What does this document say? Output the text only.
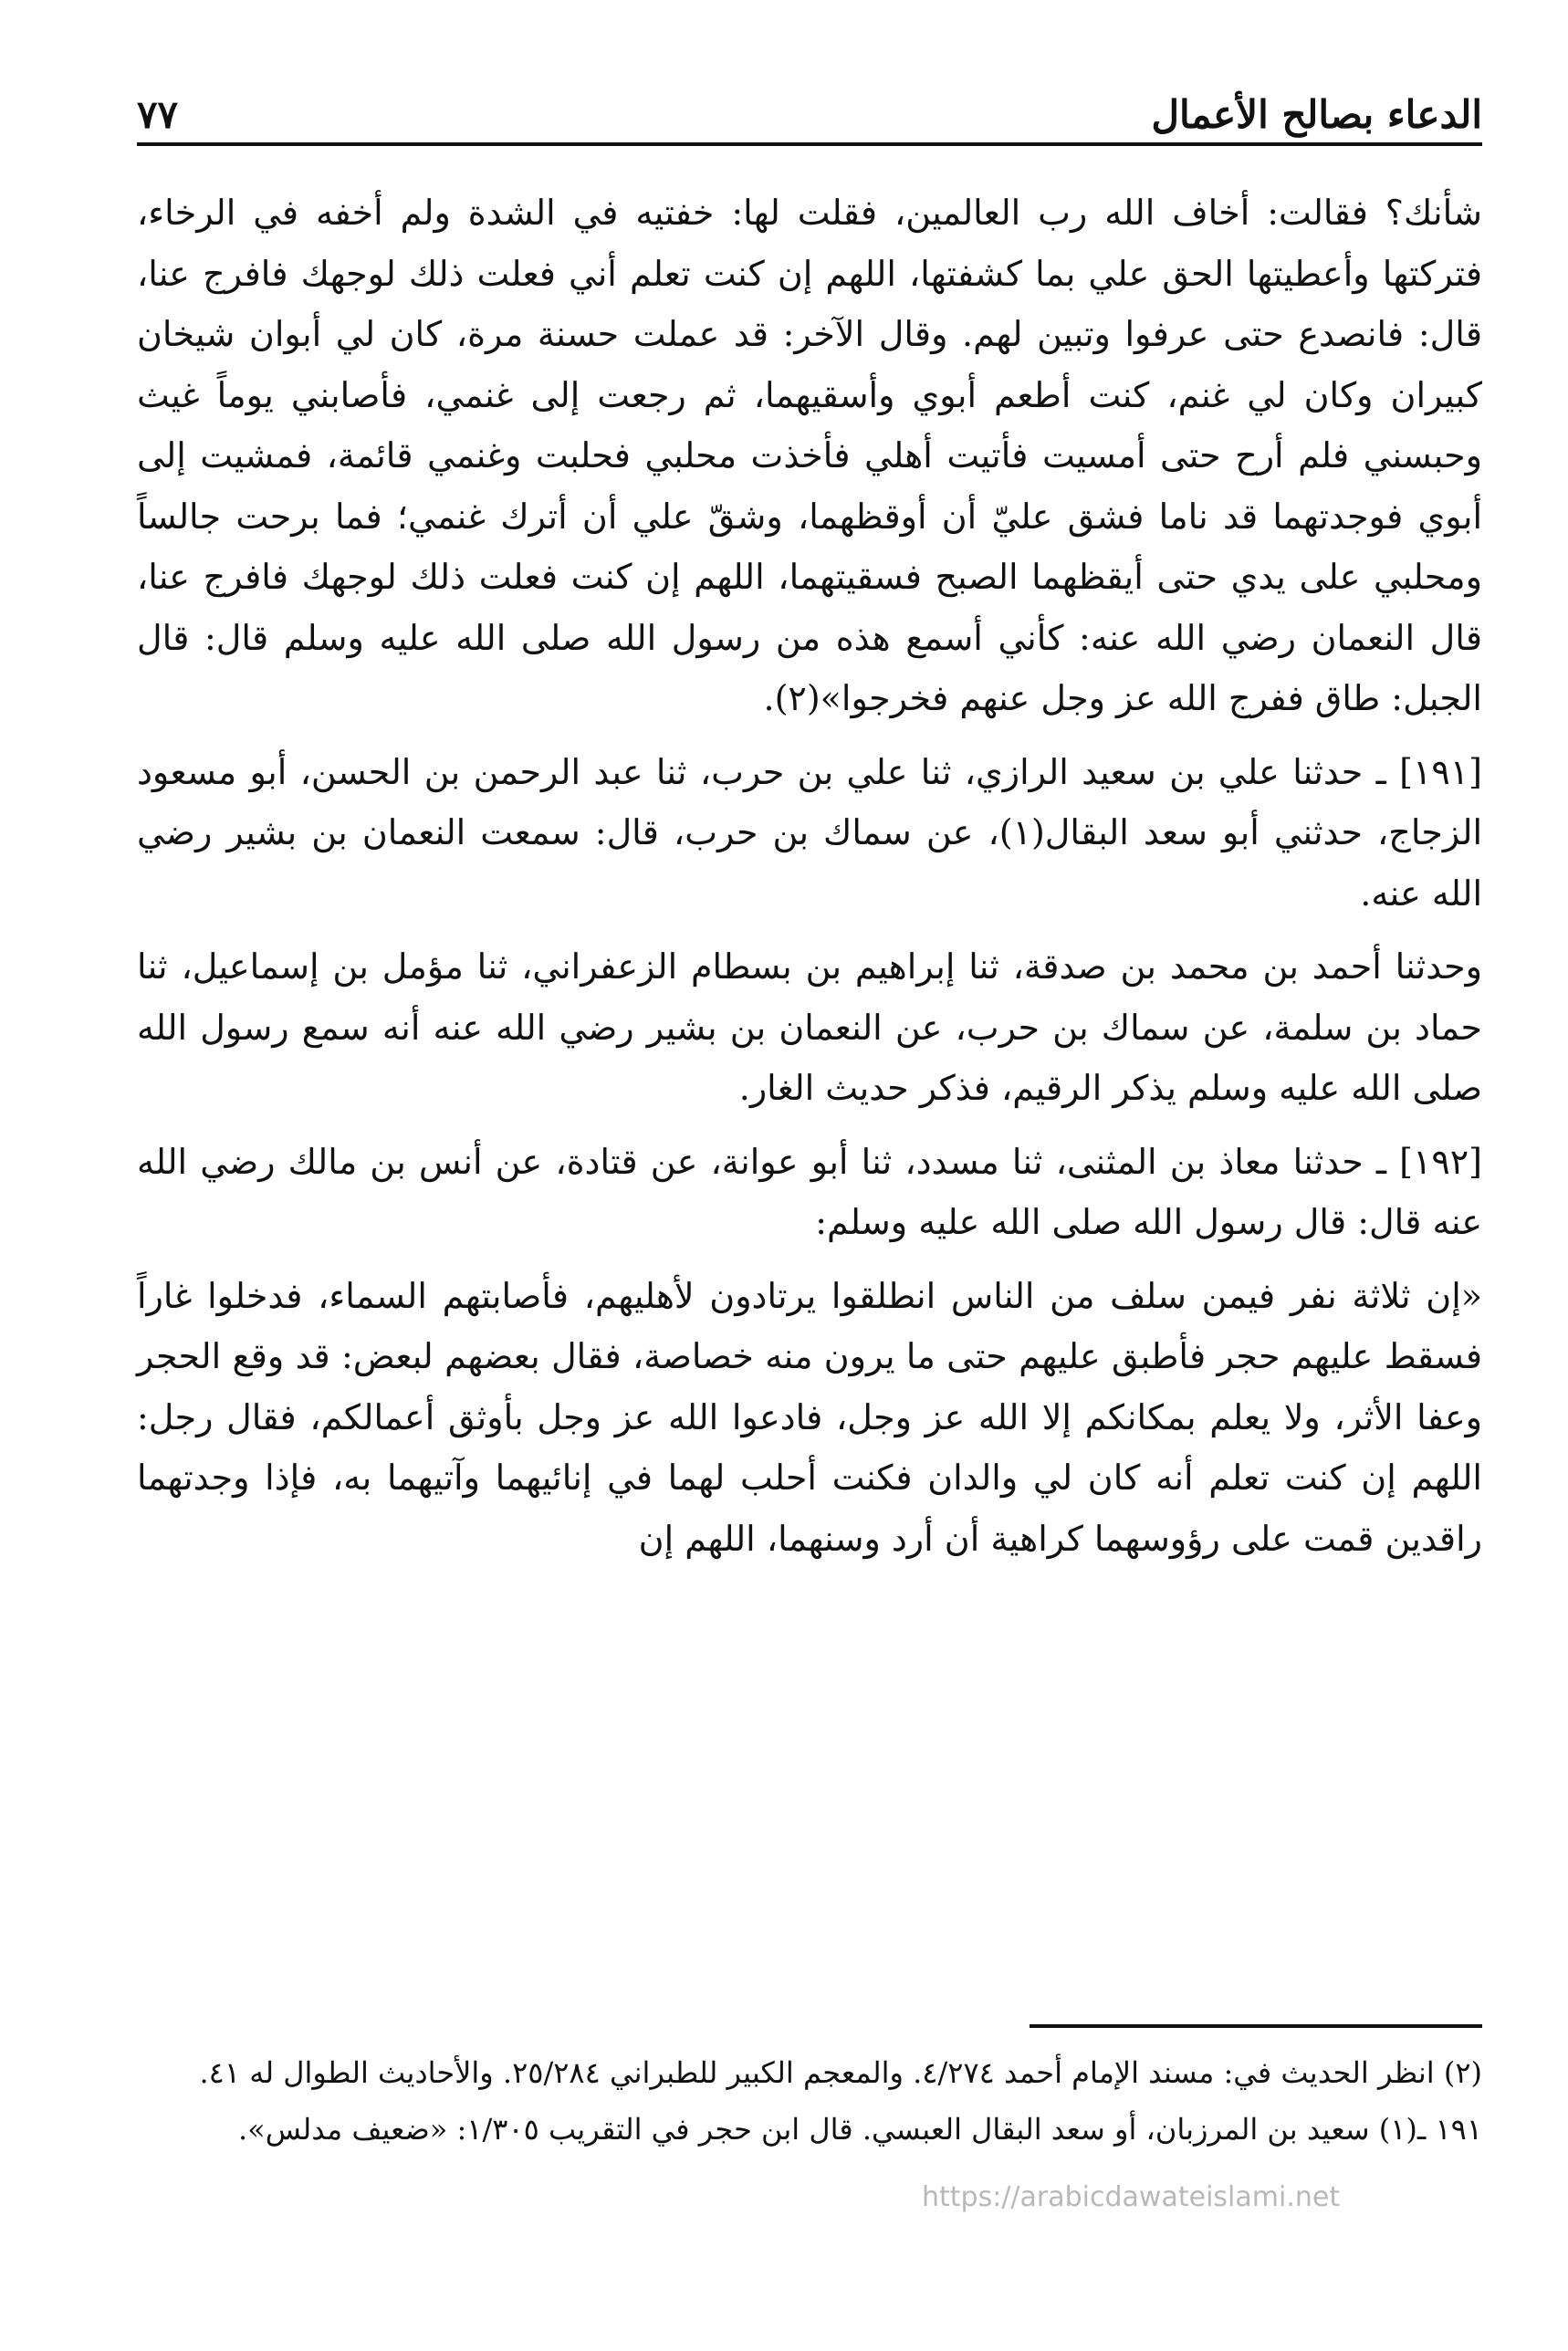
الدعاء بصالح الأعمال
٧٧

شأنك؟ فقالت: أخاف الله رب العالمين، فقلت لها: خفتيه في الشدة ولم أخفه في الرخاء، فتركتها وأعطيتها الحق علي بما كشفتها، اللهم إن كنت تعلم أني فعلت ذلك لوجهك فافرج عنا، قال: فانصدع حتى عرفوا وتبين لهم. وقال الآخر: قد عملت حسنة مرة، كان لي أبوان شيخان كبيران وكان لي غنم، كنت أطعم أبوي وأسقيهما، ثم رجعت إلى غنمي، فأصابني يوماً غيث وحبسني فلم أرح حتى أمسيت فأتيت أهلي فأخذت محلبي فحلبت وغنمي قائمة، فمشيت إلى أبوي فوجدتهما قد ناما فشق عليّ أن أوقظهما، وشقّ علي أن أترك غنمي؛ فما برحت جالساً ومحلبي على يدي حتى أيقظهما الصبح فسقيتهما، اللهم إن كنت فعلت ذلك لوجهك فافرج عنا، قال النعمان رضي الله عنه: كأني أسمع هذه من رسول الله صلى الله عليه وسلم قال: قال الجبل: طاق ففرج الله عز وجل عنهم فخرجوا»(٢).

[١٩١] ـ حدثنا علي بن سعيد الرازي، ثنا علي بن حرب، ثنا عبد الرحمن بن الحسن، أبو مسعود الزجاج، حدثني أبو سعد البقال(١)، عن سماك بن حرب، قال: سمعت النعمان بن بشير رضي الله عنه.

وحدثنا أحمد بن محمد بن صدقة، ثنا إبراهيم بن بسطام الزعفراني، ثنا مؤمل بن إسماعيل، ثنا حماد بن سلمة، عن سماك بن حرب، عن النعمان بن بشير رضي الله عنه أنه سمع رسول الله صلى الله عليه وسلم يذكر الرقيم، فذكر حديث الغار.

[١٩٢] ـ حدثنا معاذ بن المثنى، ثنا مسدد، ثنا أبو عوانة، عن قتادة، عن أنس بن مالك رضي الله عنه قال: قال رسول الله صلى الله عليه وسلم:

«إن ثلاثة نفر فيمن سلف من الناس انطلقوا يرتادون لأهليهم، فأصابتهم السماء، فدخلوا غاراً فسقط عليهم حجر فأطبق عليهم حتى ما يرون منه خصاصة، فقال بعضهم لبعض: قد وقع الحجر وعفا الأثر، ولا يعلم بمكانكم إلا الله عز وجل، فادعوا الله عز وجل بأوثق أعمالكم، فقال رجل: اللهم إن كنت تعلم أنه كان لي والدان فكنت أحلب لهما في إنائيهما وآتيهما به، فإذا وجدتهما راقدين قمت على رؤوسهما كراهية أن أرد وسنهما، اللهم إن

(٢) انظر الحديث في: مسند الإمام أحمد ٤/٢٧٤. والمعجم الكبير للطبراني ٢٥/٢٨٤. والأحاديث الطوال له ٤١.

١٩١ ـ(١) سعيد بن المرزبان، أو سعد البقال العبسي. قال ابن حجر في التقريب ١/٣٠٥: «ضعيف مدلس».

https://arabicdawateislami.net
